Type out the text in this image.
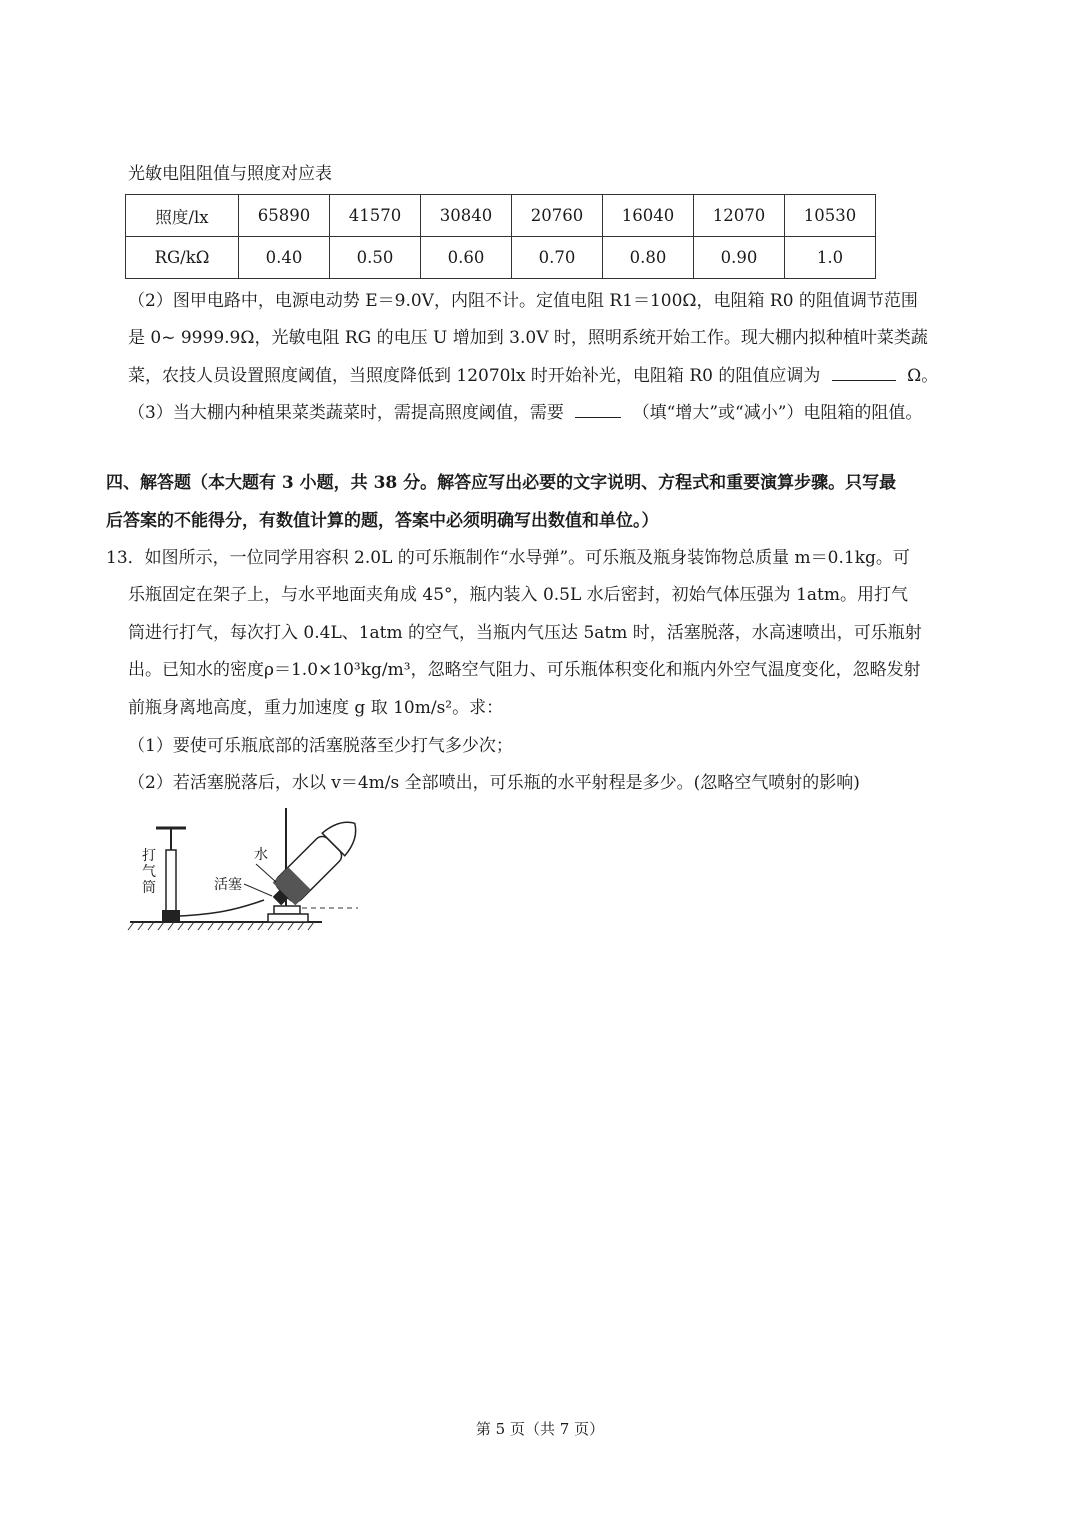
光敏电阻阻值与照度对应表
照度/lx	65890	41570	30840	20760	16040	12070	10530
RG/kΩ	0.40	0.50	0.60	0.70	0.80	0.90	1.0
（2）图甲电路中，电源电动势 E＝9.0V，内阻不计。定值电阻 R1＝100Ω，电阻箱 R0 的阻值调节范围
是 0~ 9999.9Ω，光敏电阻 RG 的电压 U 增加到 3.0V 时，照明系统开始工作。现大棚内拟种植叶菜类蔬
菜，农技人员设置照度阈值，当照度降低到 12070lx 时开始补光，电阻箱 R0 的阻值应调为	Ω。
（3）当大棚内种植果菜类蔬菜时，需提高照度阈值，需要	（填“增大”或“减小”）电阻箱的阻值。
四、解答题（本大题有 3 小题，共 38 分。解答应写出必要的文字说明、方程式和重要演算步骤。只写最
后答案的不能得分，有数值计算的题，答案中必须明确写出数值和单位。）
13．如图所示，一位同学用容积 2.0L 的可乐瓶制作“水导弹”。可乐瓶及瓶身装饰物总质量 m＝0.1kg。可
乐瓶固定在架子上，与水平地面夹角成 45°，瓶内装入 0.5L 水后密封，初始气体压强为 1atm。用打气
筒进行打气，每次打入 0.4L、1atm 的空气，当瓶内气压达 5atm 时，活塞脱落，水高速喷出，可乐瓶射
出。已知水的密度ρ＝1.0×10³kg/m³，忽略空气阻力、可乐瓶体积变化和瓶内外空气温度变化，忽略发射
前瓶身离地高度，重力加速度 g 取 10m/s²。求：
（1）要使可乐瓶底部的活塞脱落至少打气多少次；
（2）若活塞脱落后，水以 v＝4m/s 全部喷出，可乐瓶的水平射程是多少。(忽略空气喷射的影响)
打气筒
水
活塞
第 5 页（共 7 页）
